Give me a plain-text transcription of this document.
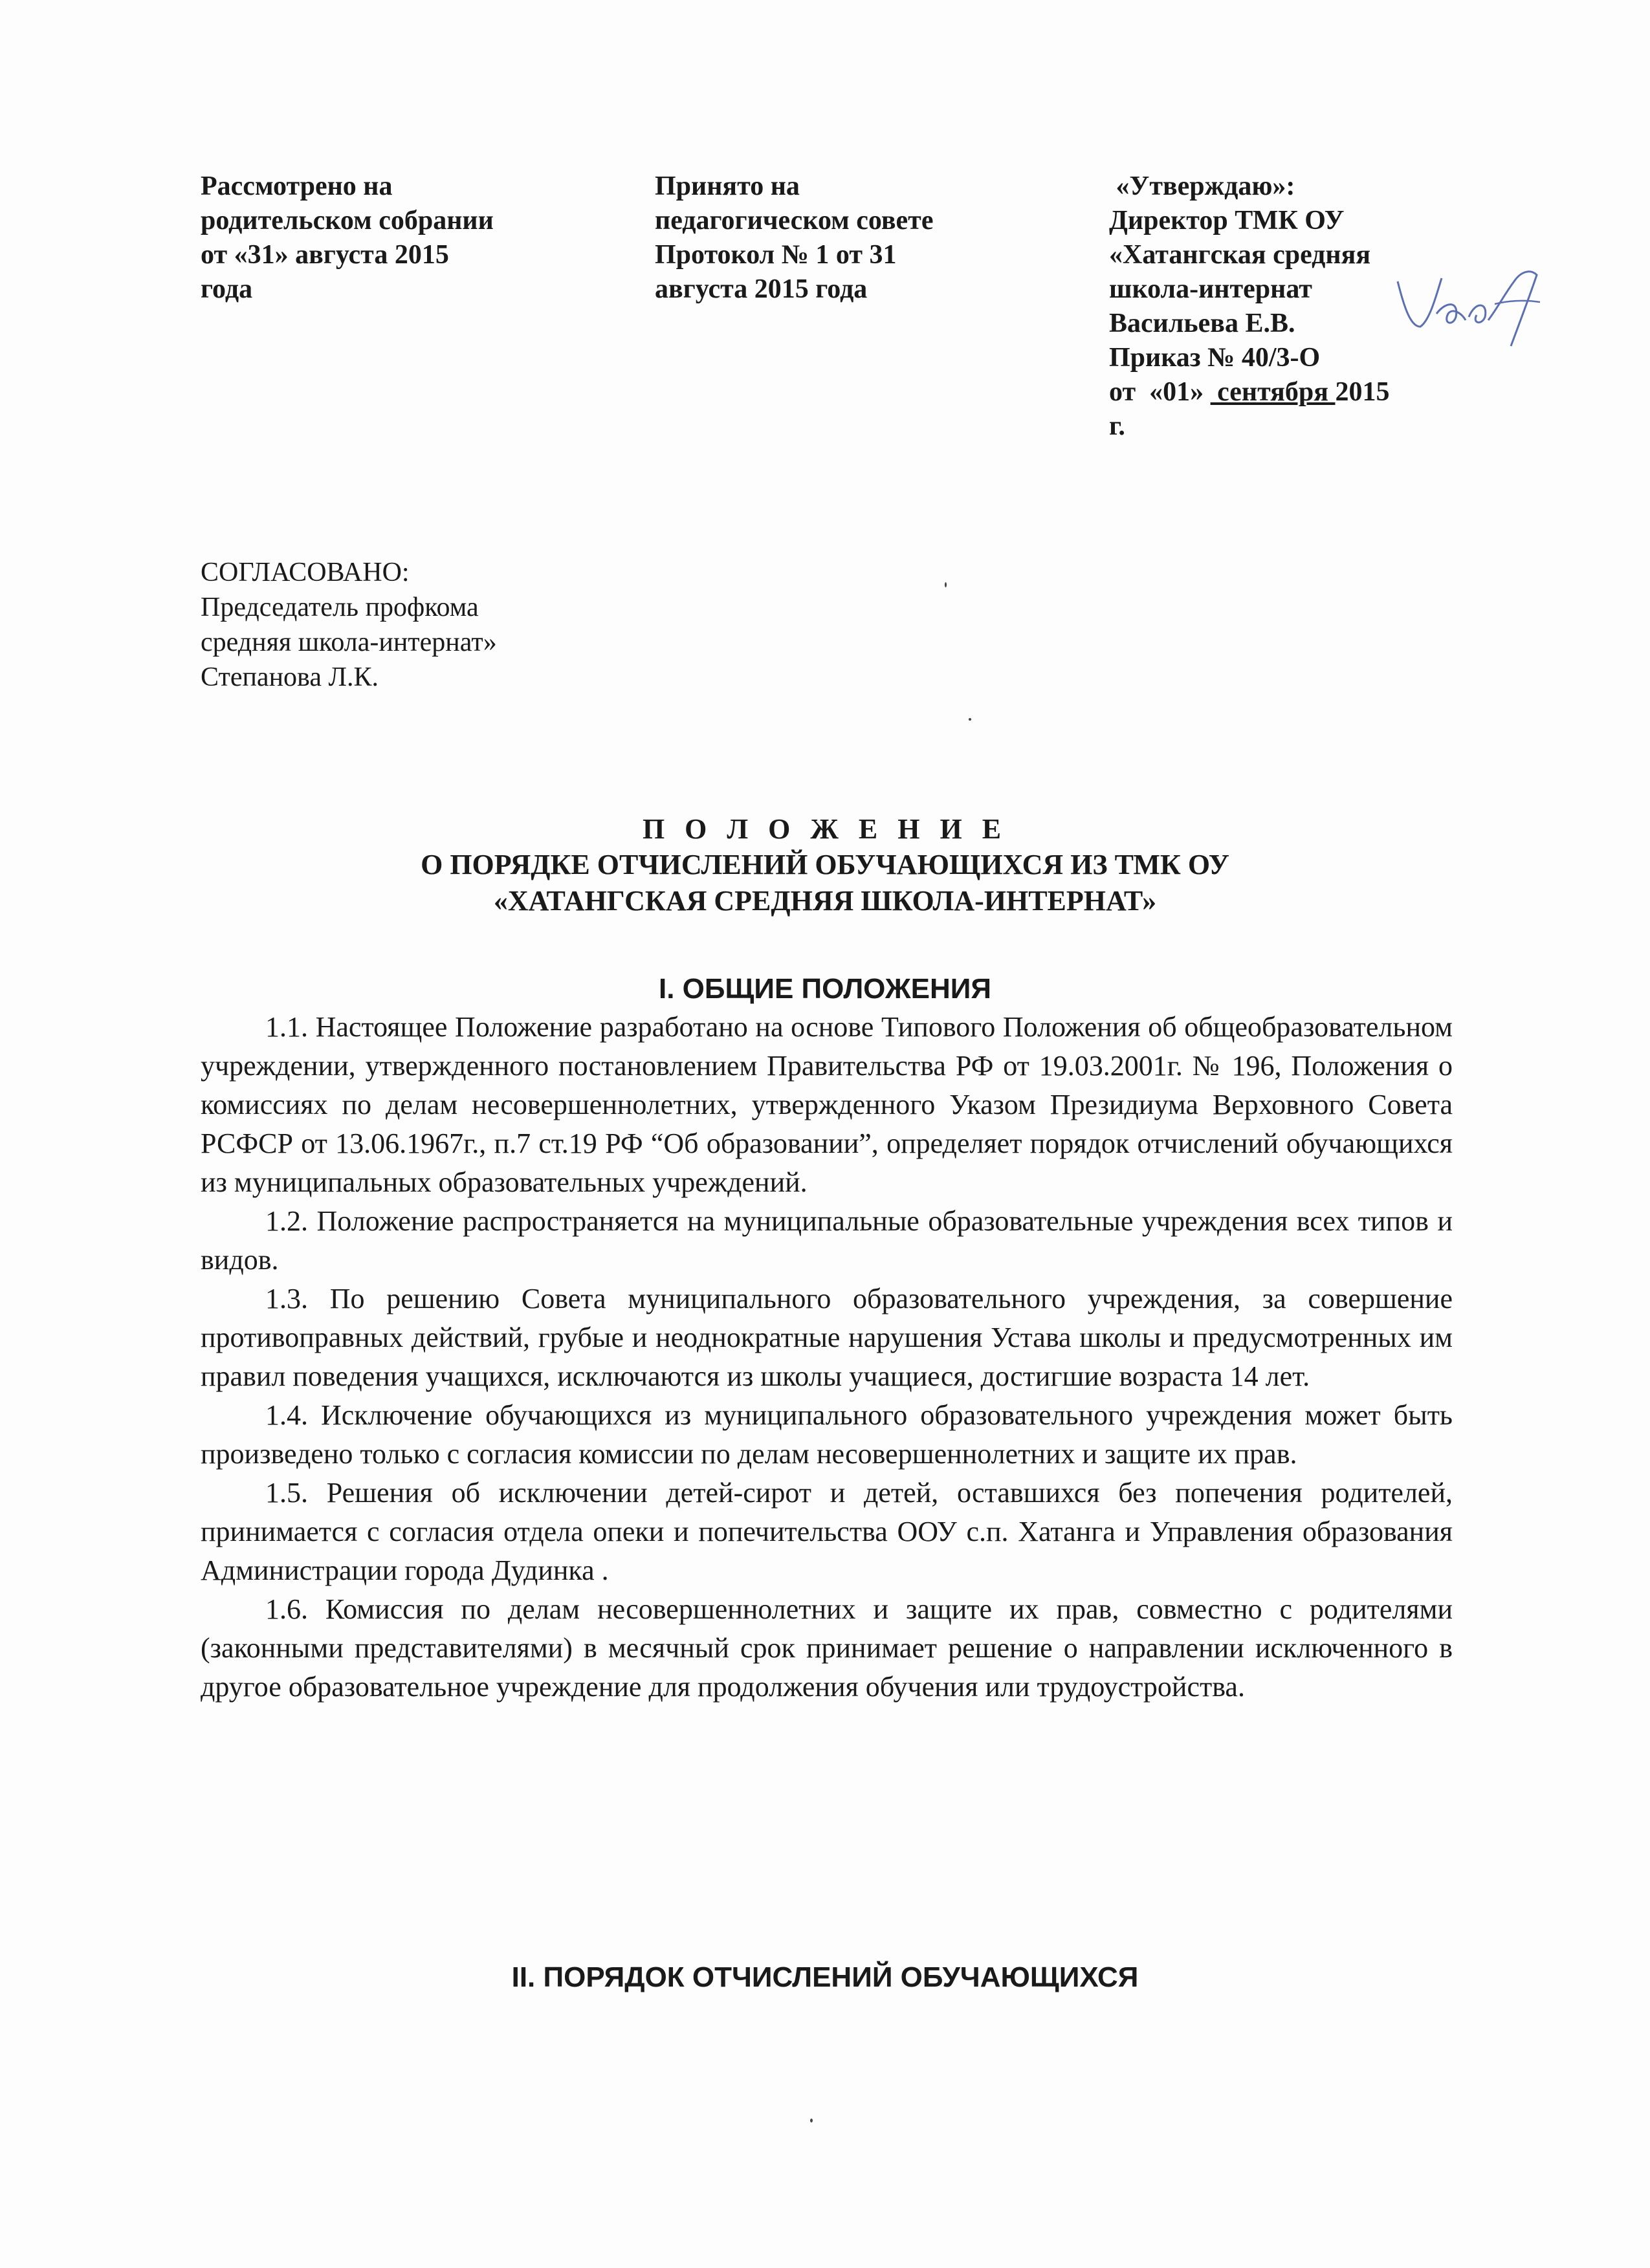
Рассмотрено на
родительском собрании
от «31» августа 2015
года
Принято на
педагогическом совете
Протокол № 1 от 31
августа 2015 года
«Утверждаю»:
Директор ТМК ОУ
«Хатангская средняя
школа-интернат
Васильева Е.В.
Приказ № 40/3-О
от  «01»  сентября 2015
г.
СОГЛАСОВАНО:
Председатель профкома
средняя школа-интернат»
Степанова Л.К.
П О Л О Ж Е Н И Е
О ПОРЯДКЕ ОТЧИСЛЕНИЙ ОБУЧАЮЩИХСЯ ИЗ ТМК ОУ
«ХАТАНГСКАЯ СРЕДНЯЯ ШКОЛА-ИНТЕРНАТ»
I. ОБЩИЕ ПОЛОЖЕНИЯ

1.1. Настоящее Положение разработано на основе Типового Положения об общеобразовательном учреждении, утвержденного постановлением Правительства РФ от 19.03.2001г. № 196, Положения о комиссиях по делам несовершеннолетних, утвержденного Указом Президиума Верховного Совета РСФСР от 13.06.1967г., п.7 ст.19 РФ “Об образовании”, определяет порядок отчислений обучающихся из муниципальных образовательных учреждений.

1.2. Положение распространяется на муниципальные образовательные учреждения всех типов и видов.

1.3. По решению Совета муниципального образовательного учреждения, за совершение противоправных действий, грубые и неоднократные нарушения Устава школы и предусмотренных им правил поведения учащихся, исключаются из школы учащиеся, достигшие возраста 14 лет.

1.4. Исключение обучающихся из муниципального образовательного учреждения может быть произведено только с согласия комиссии по делам несовершеннолетних и защите их прав.

1.5. Решения об исключении детей-сирот и детей, оставшихся без попечения родителей, принимается с согласия отдела опеки и попечительства ООУ с.п. Хатанга и Управления образования Администрации города Дудинка .

1.6. Комиссия по делам несовершеннолетних и защите их прав, совместно с родителями (законными представителями) в месячный срок принимает решение о направлении исключенного в другое образовательное учреждение для продолжения обучения или трудоустройства.

II. ПОРЯДОК ОТЧИСЛЕНИЙ ОБУЧАЮЩИХСЯ
